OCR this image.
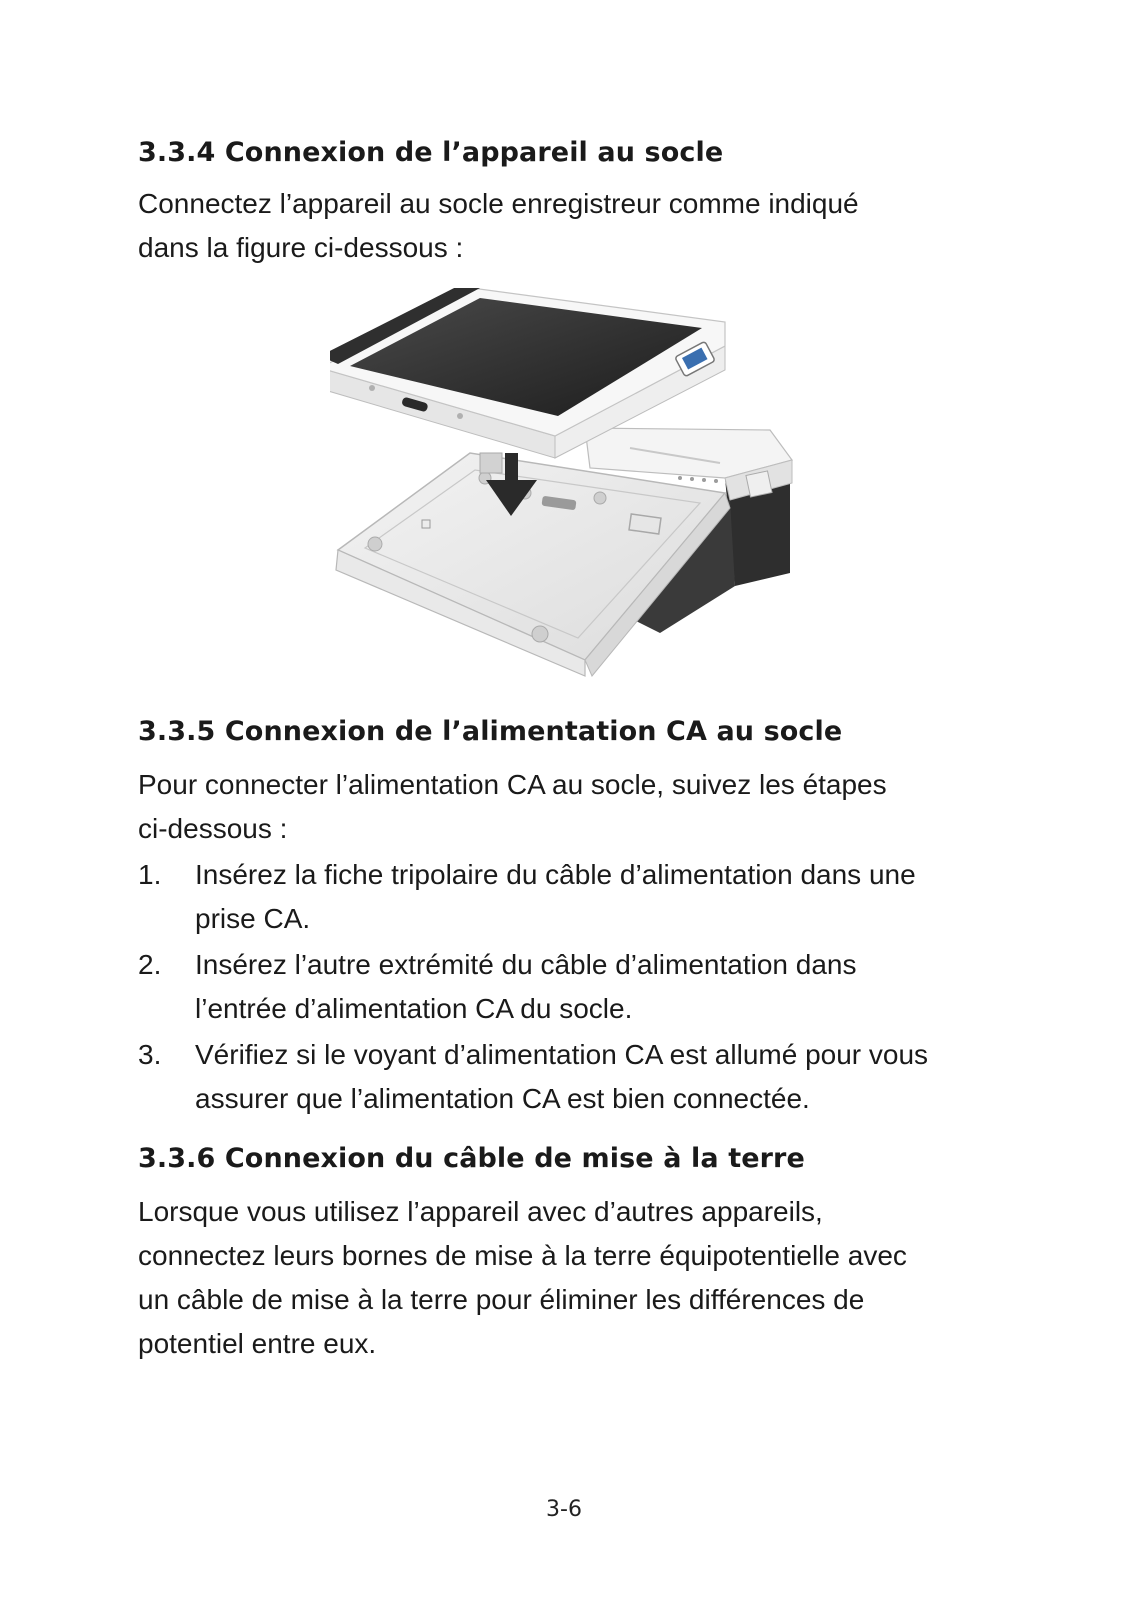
3.3.4 Connexion de l’appareil au socle

Connectez l’appareil au socle enregistreur comme indiqué
dans la figure ci-dessous :

3.3.5 Connexion de l’alimentation CA au socle

Pour connecter l’alimentation CA au socle, suivez les étapes
ci-dessous :

1. Insérez la fiche tripolaire du câble d’alimentation dans une
prise CA.
2. Insérez l’autre extrémité du câble d’alimentation dans
l’entrée d’alimentation CA du socle.
3. Vérifiez si le voyant d’alimentation CA est allumé pour vous
assurer que l’alimentation CA est bien connectée.
3.3.6 Connexion du câble de mise à la terre

Lorsque vous utilisez l’appareil avec d’autres appareils,
connectez leurs bornes de mise à la terre équipotentielle avec
un câble de mise à la terre pour éliminer les différences de
potentiel entre eux.

3-6
